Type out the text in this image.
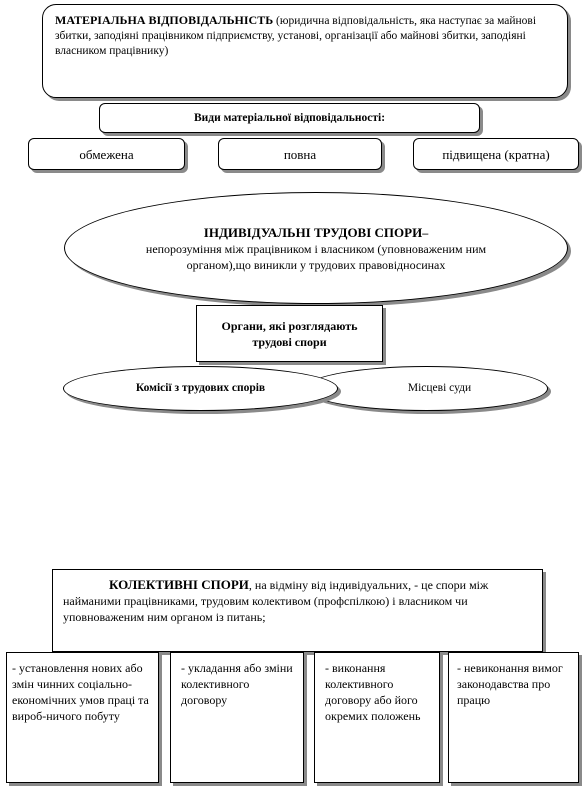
МАТЕРІАЛЬНА ВІДПОВІДАЛЬНІСТЬ (юридична відповідальність, яка наступає за майнові збитки, заподіяні працівником підприємству, установі, організації або майнові збитки, заподіяні власником працівнику)
Види матеріальної відповідальності:
обмежена	повна	підвищена (кратна)
ІНДИВІДУАЛЬНІ ТРУДОВІ СПОРИ–
непорозуміння між працівником і власником (уповноваженим ним органом),що виникли у трудових правовідносинах
Органи, які розглядають трудові спори
Місцеві суди
Комісії з трудових спорів
КОЛЕКТИВНІ СПОРИ, на відміну від індивідуальних, - це спори між найманими працівниками, трудовим колективом (профспілкою) і власником чи уповноваженим ним органом із питань;
- установлення нових або змін чинних соціально-економічних умов праці та вироб-ничого побуту
- укладання або зміни колективного договору
- виконання колективного договору або його окремих положень
- невиконання вимог законодавства про працю
